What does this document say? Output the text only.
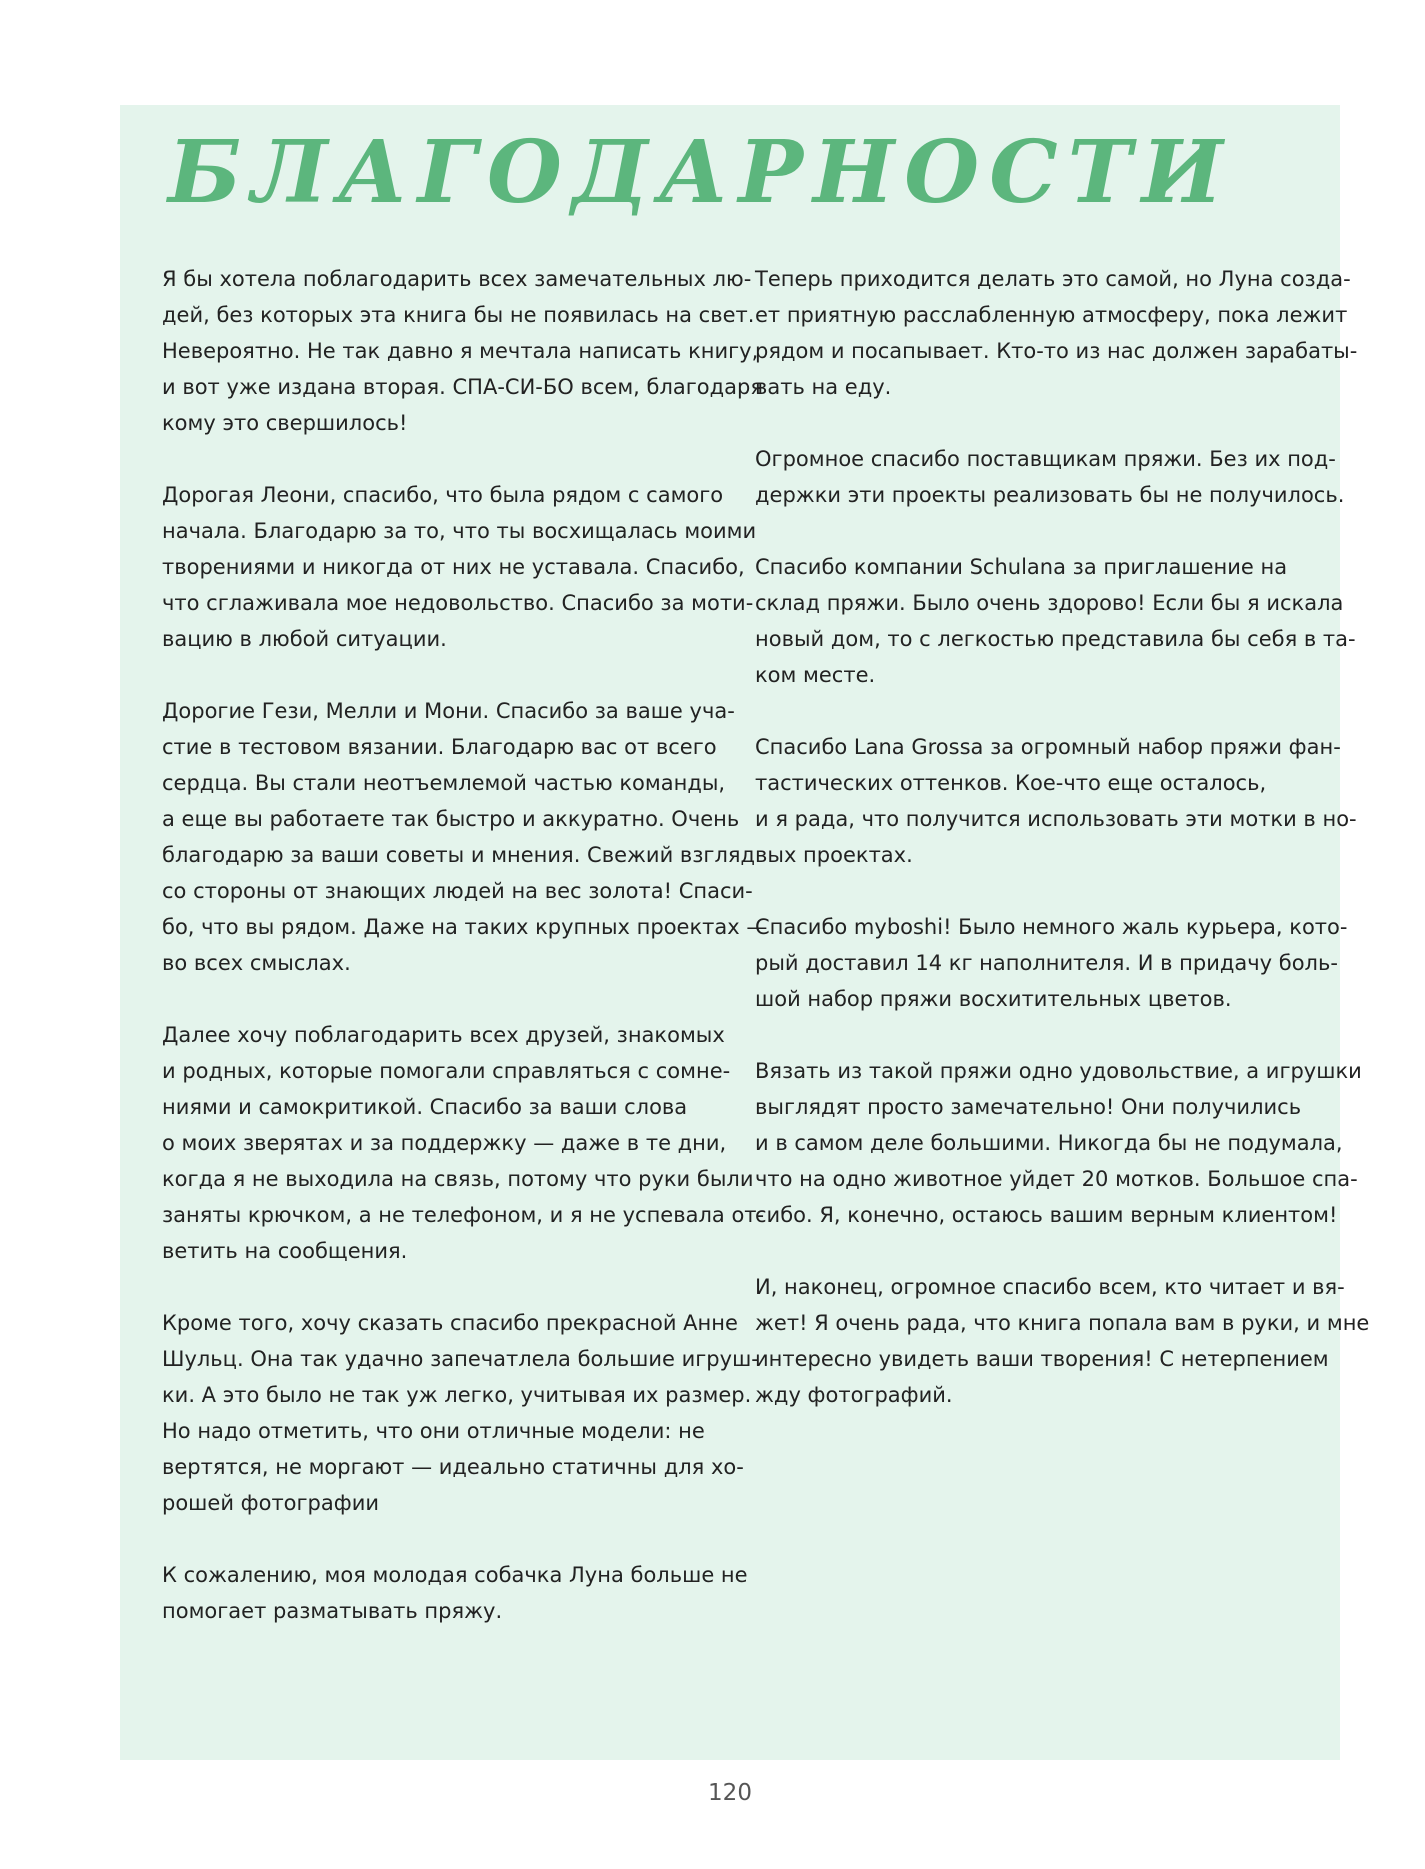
БЛАГОДАРНОСТИ

Я бы хотела поблагодарить всех замечательных лю-
дей, без которых эта книга бы не появилась на свет.
Невероятно. Не так давно я мечтала написать книгу,
и вот уже издана вторая. СПА-СИ-БО всем, благодаря
кому это свершилось!

Дорогая Леони, спасибо, что была рядом с самого
начала. Благодарю за то, что ты восхищалась моими
творениями и никогда от них не уставала. Спасибо,
что сглаживала мое недовольство. Спасибо за моти-
вацию в любой ситуации.

Дорогие Гези, Мелли и Мони. Спасибо за ваше уча-
стие в тестовом вязании. Благодарю вас от всего
сердца. Вы стали неотъемлемой частью команды,
а еще вы работаете так быстро и аккуратно. Очень
благодарю за ваши советы и мнения. Свежий взгляд
со стороны от знающих людей на вес золота! Спаси-
бо, что вы рядом. Даже на таких крупных проектах —
во всех смыслах.

Далее хочу поблагодарить всех друзей, знакомых
и родных, которые помогали справляться с сомне-
ниями и самокритикой. Спасибо за ваши слова
о моих зверятах и за поддержку — даже в те дни,
когда я не выходила на связь, потому что руки были
заняты крючком, а не телефоном, и я не успевала от-
ветить на сообщения.

Кроме того, хочу сказать спасибо прекрасной Анне
Шульц. Она так удачно запечатлела большие игруш-
ки. А это было не так уж легко, учитывая их размер.
Но надо отметить, что они отличные модели: не
вертятся, не моргают — идеально статичны для хо-
рошей фотографии

К сожалению, моя молодая собачка Луна больше не
помогает разматывать пряжу.

Теперь приходится делать это самой, но Луна созда-
ет приятную расслабленную атмосферу, пока лежит
рядом и посапывает. Кто-то из нас должен зарабаты-
вать на еду.

Огромное спасибо поставщикам пряжи. Без их под-
держки эти проекты реализовать бы не получилось.

Спасибо компании Schulana за приглашение на
склад пряжи. Было очень здорово! Если бы я искала
новый дом, то с легкостью представила бы себя в та-
ком месте.

Спасибо Lana Grossa за огромный набор пряжи фан-
тастических оттенков. Кое-что еще осталось,
и я рада, что получится использовать эти мотки в но-
вых проектах.

Спасибо myboshi! Было немного жаль курьера, кото-
рый доставил 14 кг наполнителя. И в придачу боль-
шой набор пряжи восхитительных цветов.

Вязать из такой пряжи одно удовольствие, а игрушки
выглядят просто замечательно! Они получились
и в самом деле большими. Никогда бы не подумала,
что на одно животное уйдет 20 мотков. Большое спа-
сибо. Я, конечно, остаюсь вашим верным клиентом!

И, наконец, огромное спасибо всем, кто читает и вя-
жет! Я очень рада, что книга попала вам в руки, и мне
интересно увидеть ваши творения! С нетерпением
жду фотографий.

120
